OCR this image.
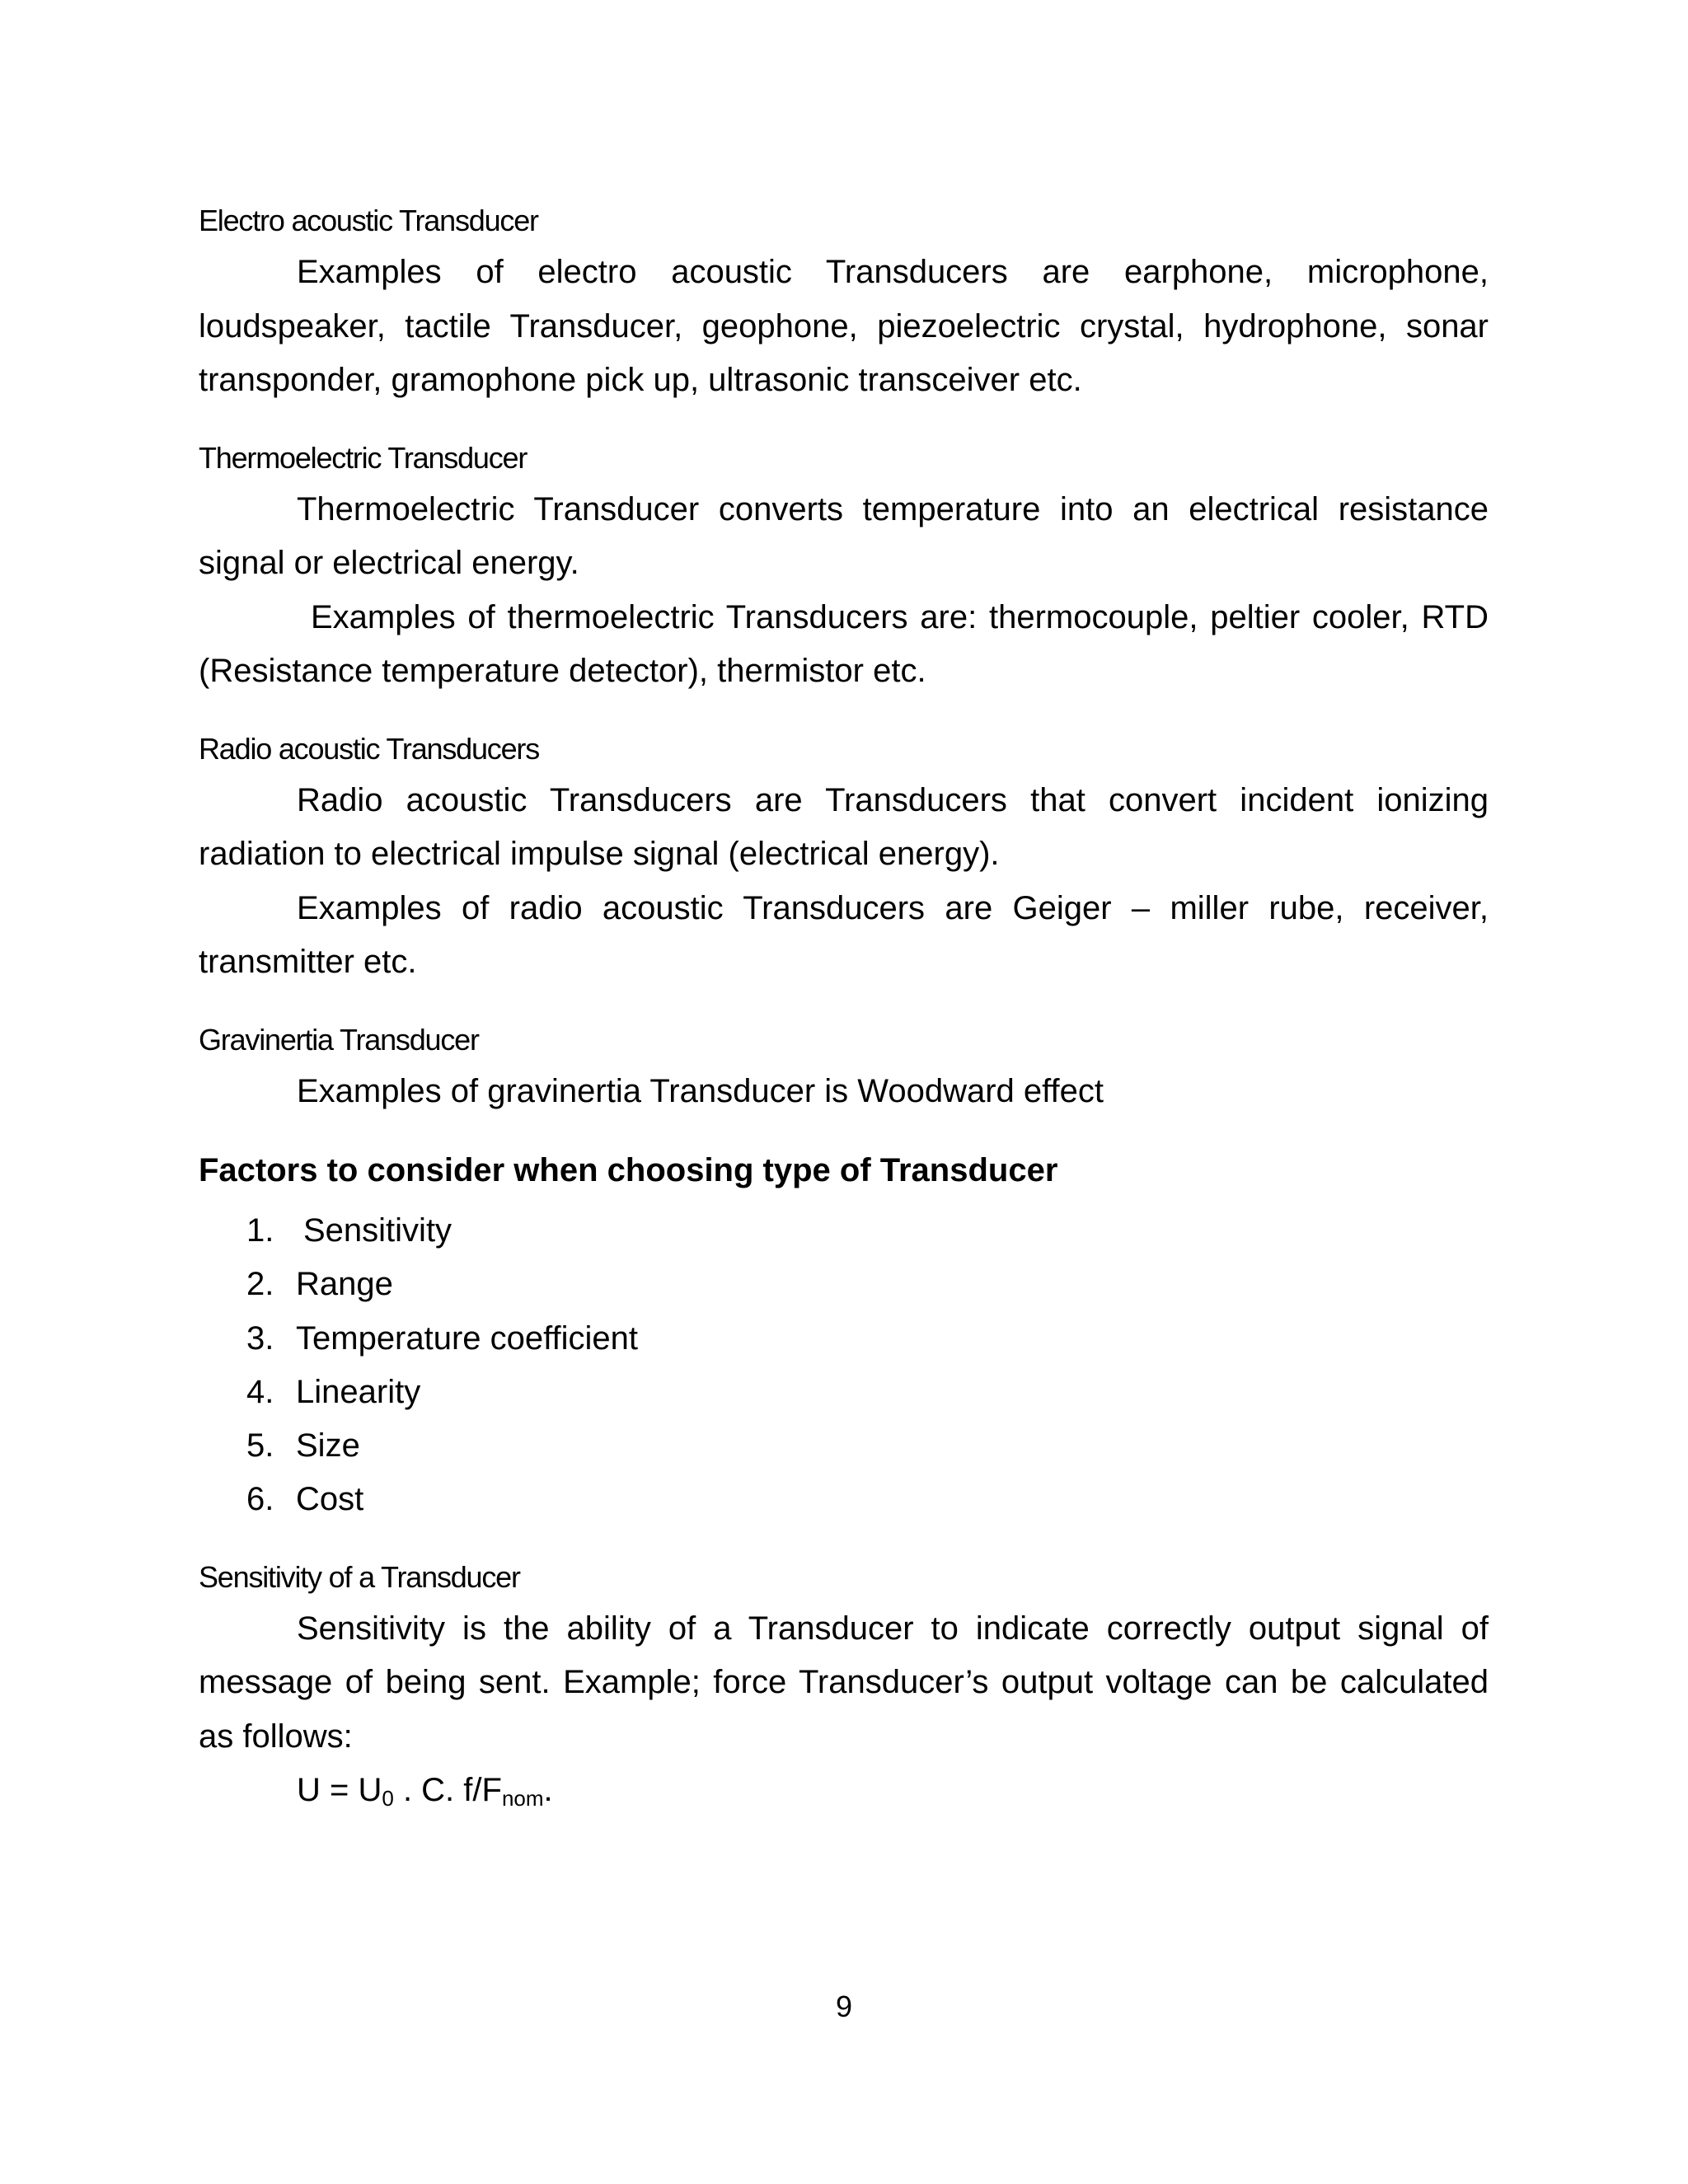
Electro acoustic Transducer

Examples of electro acoustic Transducers are earphone, microphone, loudspeaker, tactile Transducer, geophone, piezoelectric crystal, hydrophone, sonar transponder, gramophone pick up, ultrasonic transceiver etc.

Thermoelectric Transducer

Thermoelectric Transducer converts temperature into an electrical resistance signal or electrical energy.

Examples of thermoelectric Transducers are: thermocouple, peltier cooler, RTD (Resistance temperature detector), thermistor etc.

Radio acoustic Transducers

Radio acoustic Transducers are Transducers that convert incident ionizing radiation to electrical impulse signal (electrical energy).

Examples of radio acoustic Transducers are Geiger – miller rube, receiver, transmitter etc.

Gravinertia Transducer

Examples of gravinertia Transducer is Woodward effect

Factors to consider when choosing type of Transducer

1. Sensitivity
2. Range
3. Temperature coefficient
4. Linearity
5. Size
6. Cost

Sensitivity of a Transducer

Sensitivity is the ability of a Transducer to indicate correctly output signal of message of being sent. Example; force Transducer’s output voltage can be calculated as follows:

$U = U_0$ . C. $f/F_{nom}$.

9
